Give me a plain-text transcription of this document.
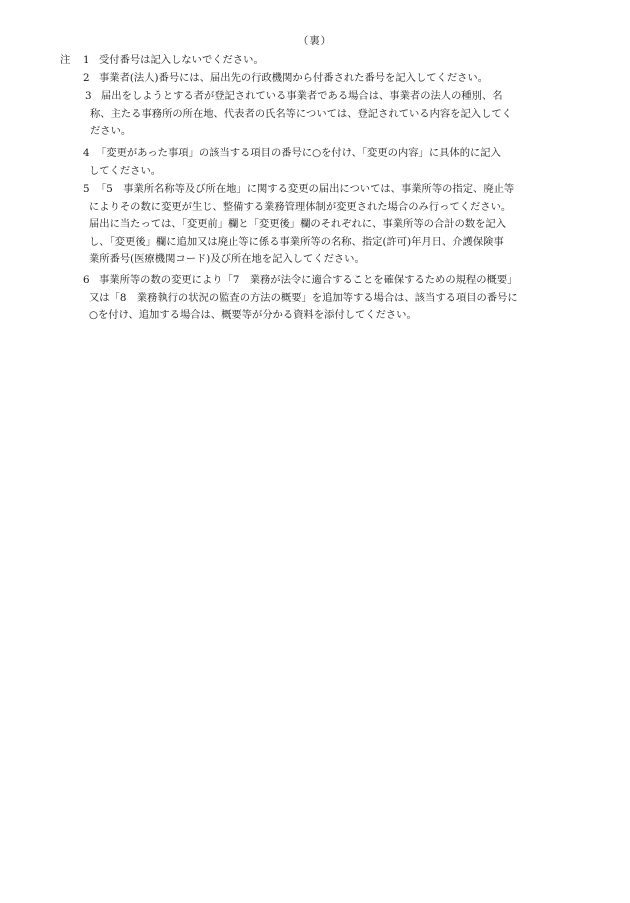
（裏）
注 1 受付番号は記入しないでください。
2 事業者(法人)番号には、届出先の行政機関から付番された番号を記入してください。
3 届出をしようとする者が登記されている事業者である場合は、事業者の法人の種別、名
称、主たる事務所の所在地、代表者の氏名等については、登記されている内容を記入してく
ださい。
4 「変更があった事項」の該当する項目の番号に○を付け、「変更の内容」に具体的に記入
してください。
5 「5　事業所名称等及び所在地」に関する変更の届出については、事業所等の指定、廃止等
によりその数に変更が生じ、整備する業務管理体制が変更された場合のみ行ってください。
届出に当たっては、「変更前」欄と「変更後」欄のそれぞれに、事業所等の合計の数を記入
し、「変更後」欄に追加又は廃止等に係る事業所等の名称、指定(許可)年月日、介護保険事
業所番号(医療機関コード)及び所在地を記入してください。
6 事業所等の数の変更により「7　業務が法令に適合することを確保するための規程の概要」
又は「8　業務執行の状況の監査の方法の概要」を追加等する場合は、該当する項目の番号に
○を付け、追加する場合は、概要等が分かる資料を添付してください。
